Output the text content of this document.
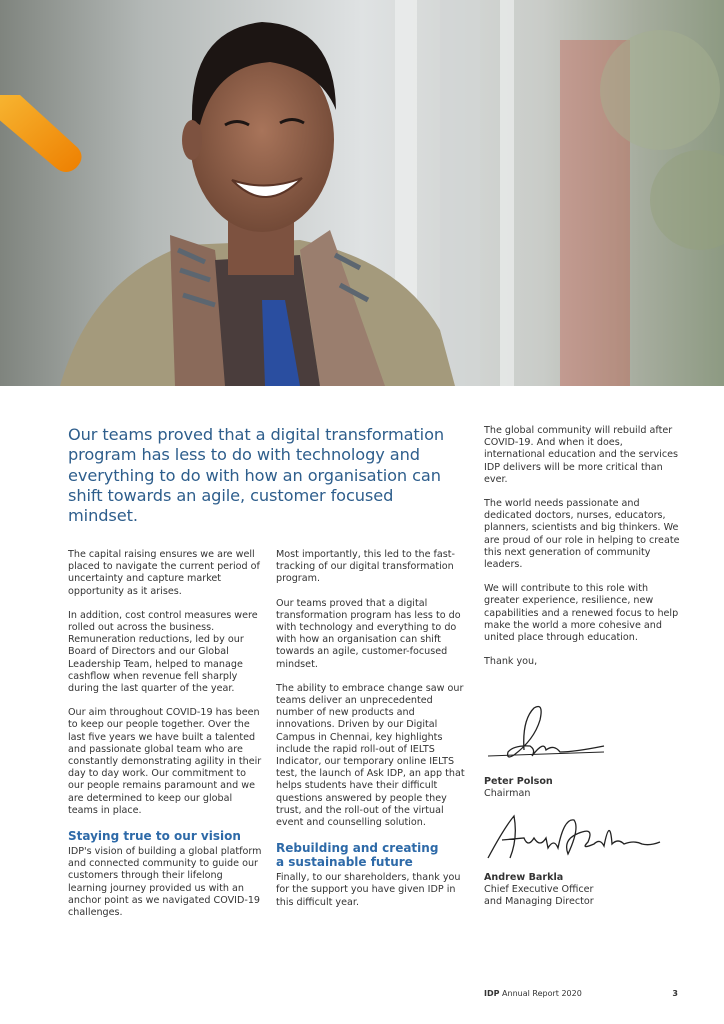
Our teams proved that a digital transformation program has less to do with technology and everything to do with how an organisation can shift towards an agile, customer focused mindset.

The capital raising ensures we are well placed to navigate the current period of uncertainty and capture market opportunity as it arises.

In addition, cost control measures were rolled out across the business. Remuneration reductions, led by our Board of Directors and our Global Leadership Team, helped to manage cashflow when revenue fell sharply during the last quarter of the year.

Our aim throughout COVID-19 has been to keep our people together. Over the last five years we have built a talented and passionate global team who are constantly demonstrating agility in their day to day work. Our commitment to our people remains paramount and we are determined to keep our global teams in place.

Staying true to our vision

IDP's vision of building a global platform and connected community to guide our customers through their lifelong learning journey provided us with an anchor point as we navigated COVID-19 challenges.

Most importantly, this led to the fast-tracking of our digital transformation program.

Our teams proved that a digital transformation program has less to do with technology and everything to do with how an organisation can shift towards an agile, customer-focused mindset.

The ability to embrace change saw our teams deliver an unprecedented number of new products and innovations. Driven by our Digital Campus in Chennai, key highlights include the rapid roll-out of IELTS Indicator, our temporary online IELTS test, the launch of Ask IDP, an app that helps students have their difficult questions answered by people they trust, and the roll-out of the virtual event and counselling solution.

Rebuilding and creating a sustainable future

Finally, to our shareholders, thank you for the support you have given IDP in this difficult year.

The global community will rebuild after COVID-19. And when it does, international education and the services IDP delivers will be more critical than ever.

The world needs passionate and dedicated doctors, nurses, educators, planners, scientists and big thinkers. We are proud of our role in helping to create this next generation of community leaders.

We will contribute to this role with greater experience, resilience, new capabilities and a renewed focus to help make the world a more cohesive and united place through education.

Thank you,

Peter Polson
Chairman
Andrew Barkla
Chief Executive Officer
and Managing Director
IDP Annual Report 2020	3
